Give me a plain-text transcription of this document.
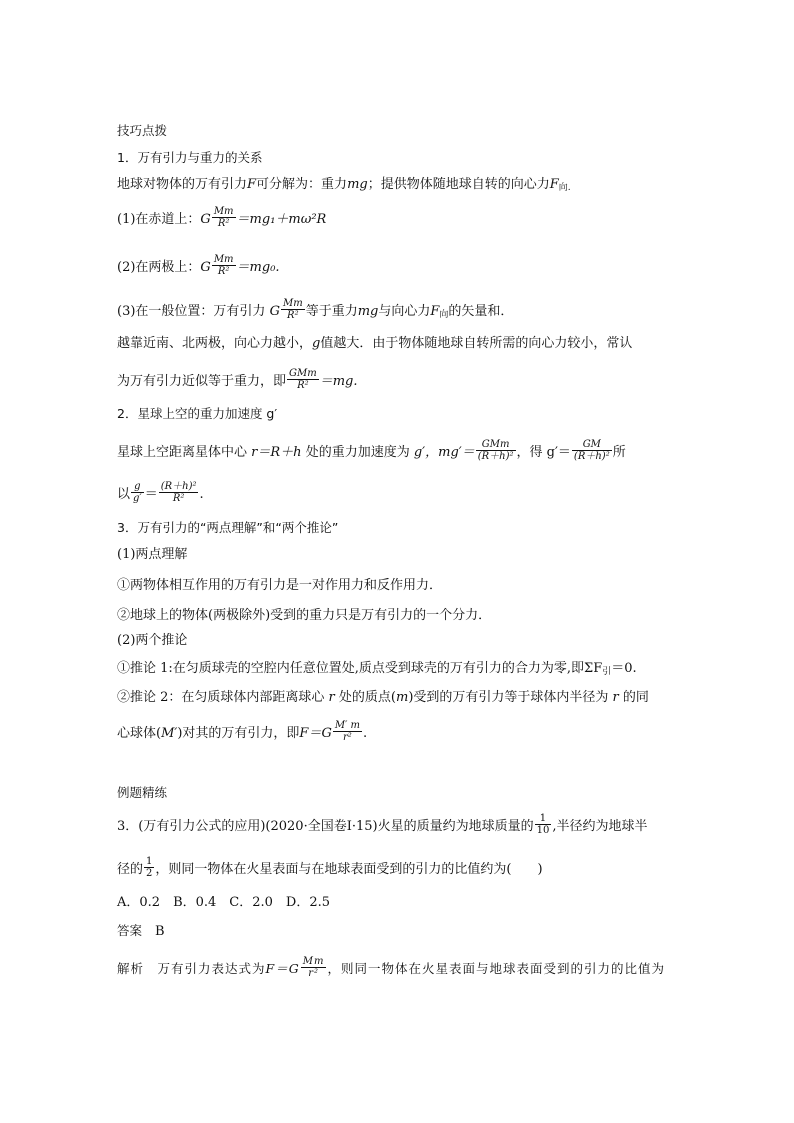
技巧点拨
1．万有引力与重力的关系
地球对物体的万有引力F可分解为：重力mg；提供物体随地球自转的向心力$F_{向.}$
(1)在赤道上：G $\frac{Mm}{\text{R²}} =mg_1+m\omega^2R$
(2)在两极上：G $\frac{Mm}{\text{R²}} =mg_0$.
(3)在一般位置：万有引力 G $\frac{Mm}{\text{R²}}$ 等于重力mg与向心力$F_向$的矢量和．
越靠近南、北两极，向心力越小，g值越大．由于物体随地球自转所需的向心力较小，常认
为万有引力近似等于重力，即 $\frac{\text{GMm}}{\text{R²}} =mg$.
2．星球上空的重力加速度 g′
星球上空距离星体中心 r＝R＋h 处的重力加速度为 g′，$mg'= \frac{\text{GMm}}{\text{(R＋h)²}}$ ，得 $g'= \frac{GM}{\text{(R＋h)²}}$ 所
以 $\frac{g}{g'} = \frac{\text{(R＋h)²}}{\text{R²}}$ .
3．万有引力的“两点理解”和“两个推论”
(1)两点理解
①两物体相互作用的万有引力是一对作用力和反作用力．
②地球上的物体(两极除外)受到的重力只是万有引力的一个分力．
(2)两个推论
①推论 1:在匀质球壳的空腔内任意位置处,质点受到球壳的万有引力的合力为零,即$\Sigma F_引=0$.
②推论 2：在匀质球体内部距离球心 r 处的质点(m)受到的万有引力等于球体内半径为 r 的同
心球体(M′)对其的万有引力，即$F=G \frac{M' m}{\text{r²}}$ .
例题精练
3．(万有引力公式的应用)(2020·全国卷Ⅰ·15)火星的质量约为地球质量的 $\frac{1}{10}$ ,半径约为地球半
径的 $\frac{1}{2}$ ，则同一物体在火星表面与在地球表面受到的引力的比值约为(　　)
A．0.2　B．0.4　C．2.0　D．2.5
答案　 B
解析　 万有引力表达式为$F=G \frac{Mm}{\text{r²}}$ ，则同一物体在火星表面与地球表面受到的引力的比值为
